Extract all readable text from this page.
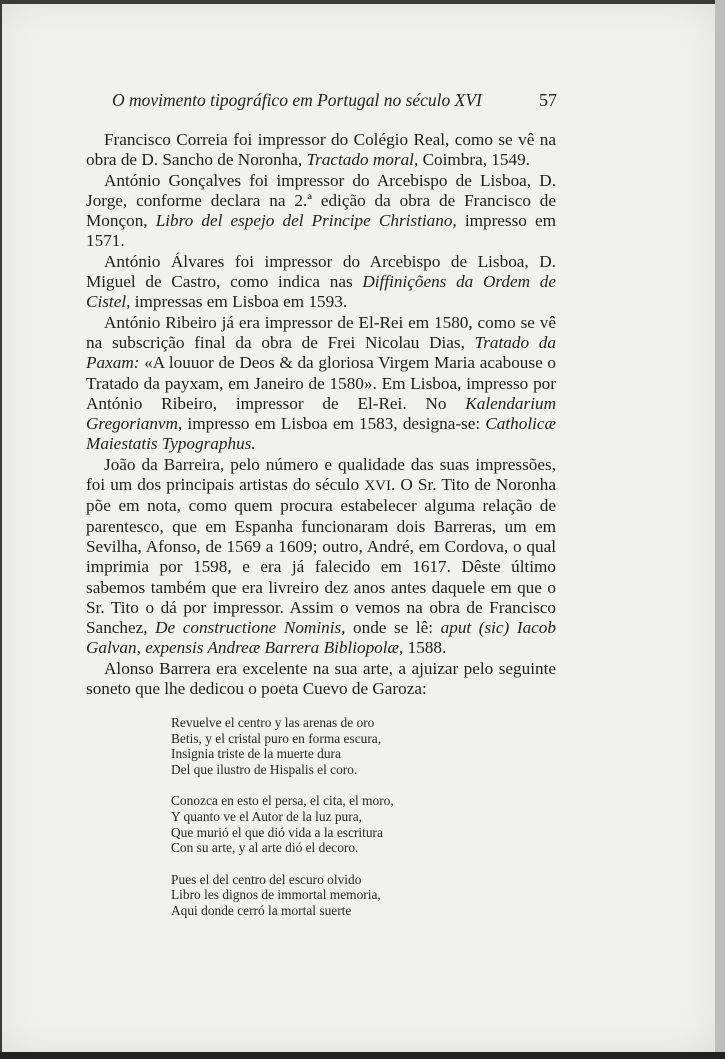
O movimento tipográfico em Portugal no século XVI	57

Francisco Correia foi impressor do Colégio Real, como se vê na obra de D. Sancho de Noronha, Tractado moral, Coimbra, 1549.

António Gonçalves foi impressor do Arcebispo de Lisboa, D. Jorge, conforme declara na 2.ª edição da obra de Francisco de Monçon, Libro del espejo del Principe Christiano, impresso em 1571.

António Álvares foi impressor do Arcebispo de Lisboa, D. Miguel de Castro, como indica nas Diffiniçõens da Ordem de Cistel, impressas em Lisboa em 1593.

António Ribeiro já era impressor de El-Rei em 1580, como se vê na subscrição final da obra de Frei Nicolau Dias, Tratado da Paxam: «A louuor de Deos & da gloriosa Virgem Maria acabouse o Tratado da payxam, em Janeiro de 1580». Em Lisboa, impresso por António Ribeiro, impressor de El-Rei. No Kalendarium Gregorianvm, impresso em Lisboa em 1583, designa-se: Catholicæ Maiestatis Typographus.

João da Barreira, pelo número e qualidade das suas impressões, foi um dos principais artistas do século XVI. O Sr. Tito de Noronha põe em nota, como quem procura estabelecer alguma relação de parentesco, que em Espanha funcionaram dois Barreras, um em Sevilha, Afonso, de 1569 a 1609; outro, André, em Cordova, o qual imprimia por 1598, e era já falecido em 1617. Dêste último sabemos também que era livreiro dez anos antes daquele em que o Sr. Tito o dá por impressor. Assim o vemos na obra de Francisco Sanchez, De constructione Nominis, onde se lê: aput (sic) Iacob Galvan, expensis Andreæ Barrera Bibliopolæ, 1588.

Alonso Barrera era excelente na sua arte, a ajuizar pelo seguinte soneto que lhe dedicou o poeta Cuevo de Garoza:

Revuelve el centro y las arenas de oro
Betis, y el cristal puro en forma escura,
Insignia triste de la muerte dura
Del que ilustro de Hispalis el coro.
Conozca en esto el persa, el cita, el moro,
Y quanto ve el Autor de la luz pura,
Que murió el que dió vida a la escritura
Con su arte, y al arte dió el decoro.
Pues el del centro del escuro olvido
Libro les dignos de immortal memoria,
Aqui donde cerró la mortal suerte
